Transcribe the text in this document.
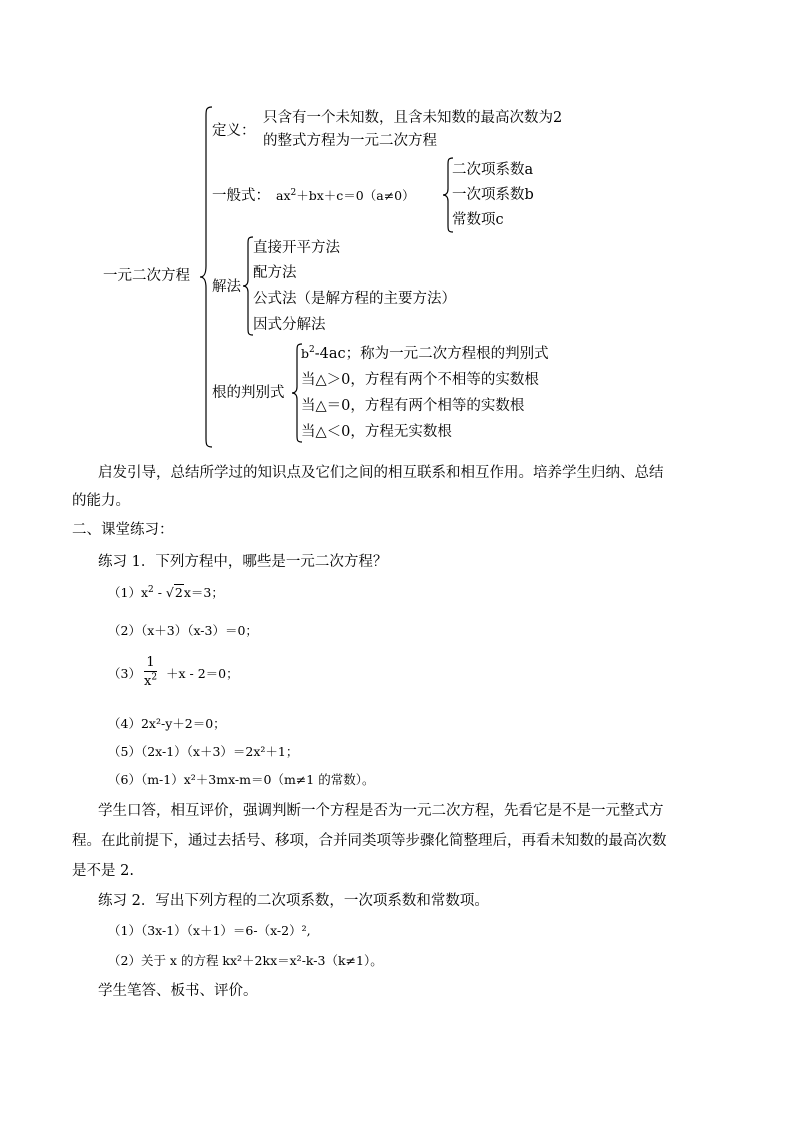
一元二次方程
定义：
只含有一个未知数，且含未知数的最高次数为2
的整式方程为一元二次方程
一般式： $ax^2+bx+c=0(a\ne 0)$
二次项系数a
一次项系数b
常数项c
解法
直接开平方法
配方法
公式法（是解方程的主要方法）
因式分解法
根的判别式
$b^2-4ac$；称为一元二次方程根的判别式
当△＞0，方程有两个不相等的实数根
当△＝0，方程有两个相等的实数根
当△＜0，方程无实数根
启发引导，总结所学过的知识点及它们之间的相互联系和相互作用。培养学生归纳、总结
的能力。
二、课堂练习：
练习 1．下列方程中，哪些是一元二次方程？
$(1)x^2 - √2x=3$；
（2）（x＋3）（x-3）＝0；
$(3) \frac{1}{x^2} +x - 2=0$；
（4）2x²-y＋2＝0；
（5）（2x-1）（x＋3）＝2x²＋1；
（6）（m-1）x²＋3mx-m＝0（m≠1 的常数）。
学生口答，相互评价，强调判断一个方程是否为一元二次方程，先看它是不是一元整式方
程。在此前提下，通过去括号、移项，合并同类项等步骤化简整理后，再看未知数的最高次数
是不是 2.
练习 2．写出下列方程的二次项系数，一次项系数和常数项。
（1）（3x-1）（x＋1）＝6-（x-2）²,
（2）关于 x 的方程 kx²＋2kx＝x²-k-3（k≠1）。
学生笔答、板书、评价。
